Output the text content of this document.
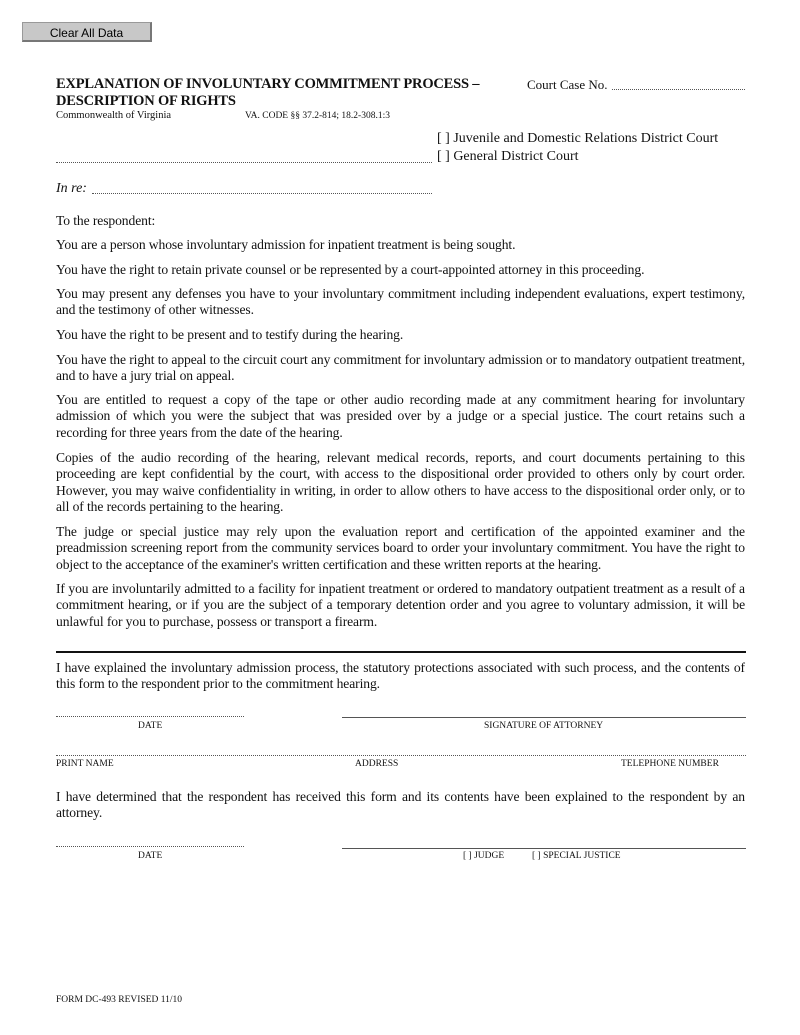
Clear All Data
EXPLANATION OF INVOLUNTARY COMMITMENT PROCESS –
DESCRIPTION OF RIGHTS
Court Case No.
Commonwealth of Virginia	VA. CODE §§ 37.2-814; 18.2-308.1:3
[ ] Juvenile and Domestic Relations District Court
[ ] General District Court
In re:
To the respondent:
You are a person whose involuntary admission for inpatient treatment is being sought.
You have the right to retain private counsel or be represented by a court-appointed attorney in this proceeding.
You may present any defenses you have to your involuntary commitment including independent evaluations, expert testimony, and the testimony of other witnesses.
You have the right to be present and to testify during the hearing.
You have the right to appeal to the circuit court any commitment for involuntary admission or to mandatory outpatient treatment, and to have a jury trial on appeal.
You are entitled to request a copy of the tape or other audio recording made at any commitment hearing for involuntary admission of which you were the subject that was presided over by a judge or a special justice. The court retains such a recording for three years from the date of the hearing.
Copies of the audio recording of the hearing, relevant medical records, reports, and court documents pertaining to this proceeding are kept confidential by the court, with access to the dispositional order provided to others only by court order. However, you may waive confidentiality in writing, in order to allow others to have access to the dispositional order only, or to all of the records pertaining to the hearing.
The judge or special justice may rely upon the evaluation report and certification of the appointed examiner and the preadmission screening report from the community services board to order your involuntary commitment. You have the right to object to the acceptance of the examiner's written certification and these written reports at the hearing.
If you are involuntarily admitted to a facility for inpatient treatment or ordered to mandatory outpatient treatment as a result of a commitment hearing, or if you are the subject of a temporary detention order and you agree to voluntary admission, it will be unlawful for you to purchase, possess or transport a firearm.
I have explained the involuntary admission process, the statutory protections associated with such process, and the contents of this form to the respondent prior to the commitment hearing.
DATE	SIGNATURE OF ATTORNEY
PRINT NAME	ADDRESS	TELEPHONE NUMBER
I have determined that the respondent has received this form and its contents have been explained to the respondent by an attorney.
DATE	[ ] JUDGE	[ ] SPECIAL JUSTICE
FORM DC-493 REVISED 11/10
